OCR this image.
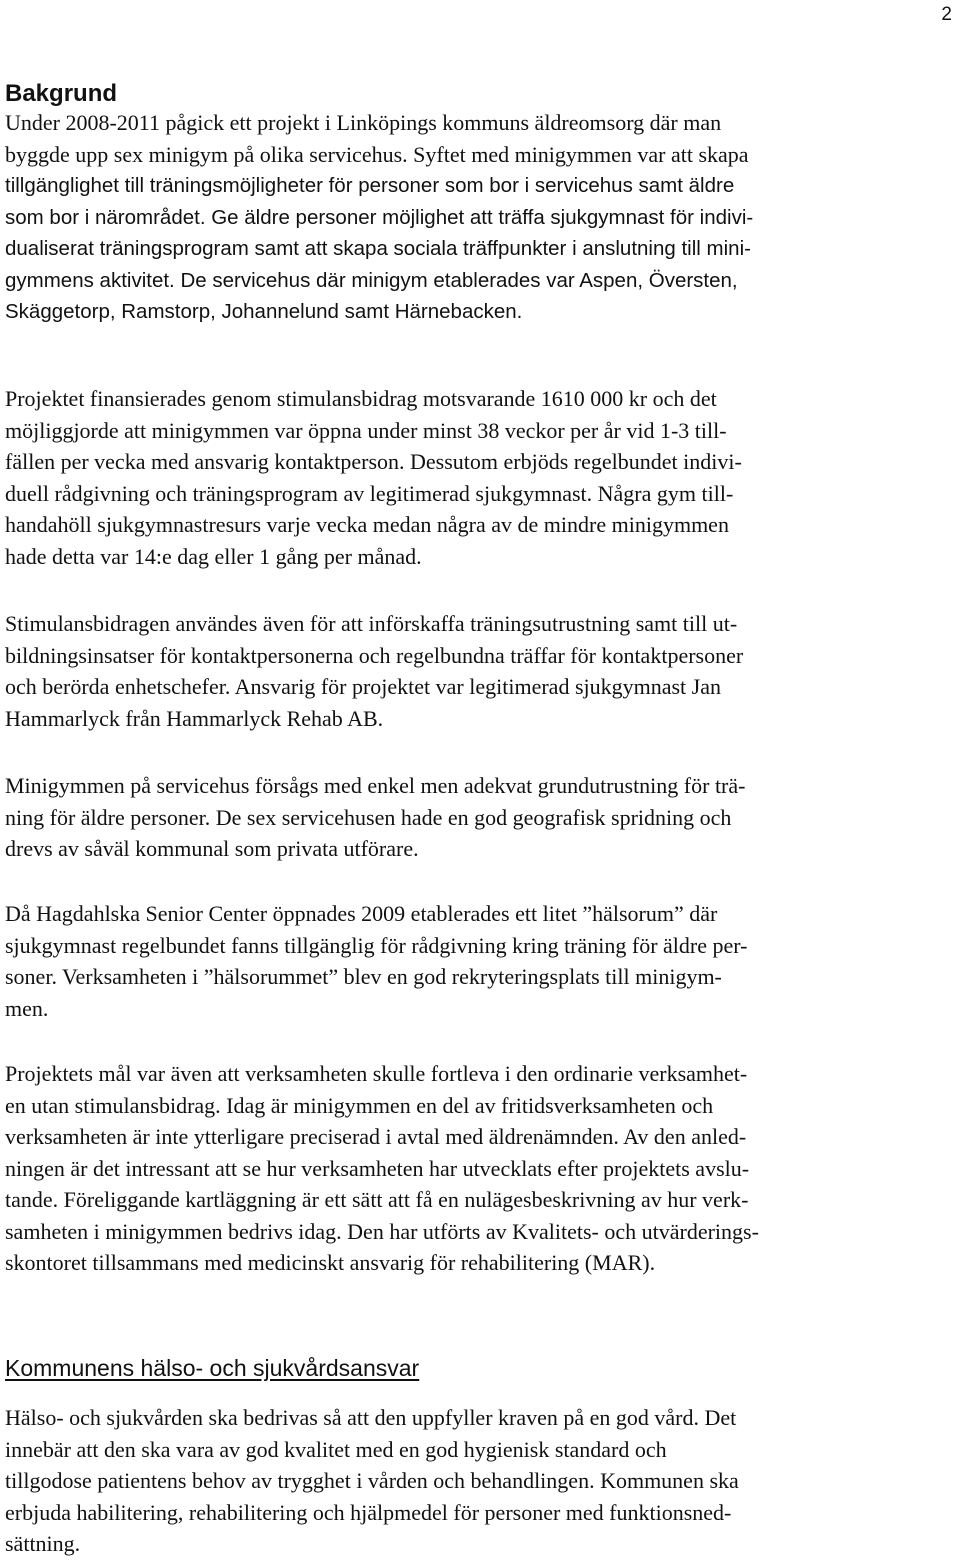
2
Bakgrund
Under 2008-2011 pågick ett projekt i Linköpings kommuns äldreomsorg där man
byggde upp sex minigym på olika servicehus. Syftet med minigymmen var att skapa
tillgänglighet till träningsmöjligheter för personer som bor i servicehus samt äldre
som bor i närområdet. Ge äldre personer möjlighet att träffa sjukgymnast för indivi-
dualiserat träningsprogram samt att skapa sociala träffpunkter i anslutning till mini-
gymmens aktivitet. De servicehus där minigym etablerades var Aspen, Översten,
Skäggetorp, Ramstorp, Johannelund samt Härnebacken.
Projektet finansierades genom stimulansbidrag motsvarande 1610 000 kr och det
möjliggjorde att minigymmen var öppna under minst 38 veckor per år vid 1-3 till-
fällen per vecka med ansvarig kontaktperson. Dessutom erbjöds regelbundet indivi-
duell rådgivning och träningsprogram av legitimerad sjukgymnast. Några gym till-
handahöll sjukgymnastresurs varje vecka medan några av de mindre minigymmen
hade detta var 14:e dag eller 1 gång per månad.
Stimulansbidragen användes även för att införskaffa träningsutrustning samt till ut-
bildningsinsatser för kontaktpersonerna och regelbundna träffar för kontaktpersoner
och berörda enhetschefer. Ansvarig för projektet var legitimerad sjukgymnast Jan
Hammarlyck från Hammarlyck Rehab AB.
Minigymmen på servicehus försågs med enkel men adekvat grundutrustning för trä-
ning för äldre personer. De sex servicehusen hade en god geografisk spridning och
drevs av såväl kommunal som privata utförare.
Då Hagdahlska Senior Center öppnades 2009 etablerades ett litet ”hälsorum” där
sjukgymnast regelbundet fanns tillgänglig för rådgivning kring träning för äldre per-
soner. Verksamheten i ”hälsorummet” blev en god rekryteringsplats till minigym-
men.
Projektets mål var även att verksamheten skulle fortleva i den ordinarie verksamhet-
en utan stimulansbidrag. Idag är minigymmen en del av fritidsverksamheten och
verksamheten är inte ytterligare preciserad i avtal med äldrenämnden. Av den anled-
ningen är det intressant att se hur verksamheten har utvecklats efter projektets avslu-
tande. Föreliggande kartläggning är ett sätt att få en nulägesbeskrivning av hur verk-
samheten i minigymmen bedrivs idag. Den har utförts av Kvalitets- och utvärderings-
skontoret tillsammans med medicinskt ansvarig för rehabilitering (MAR).
Kommunens hälso- och sjukvårdsansvar
Hälso- och sjukvården ska bedrivas så att den uppfyller kraven på en god vård. Det
innebär att den ska vara av god kvalitet med en god hygienisk standard och
tillgodose patientens behov av trygghet i vården och behandlingen. Kommunen ska
erbjuda habilitering, rehabilitering och hjälpmedel för personer med funktionsned-
sättning.
